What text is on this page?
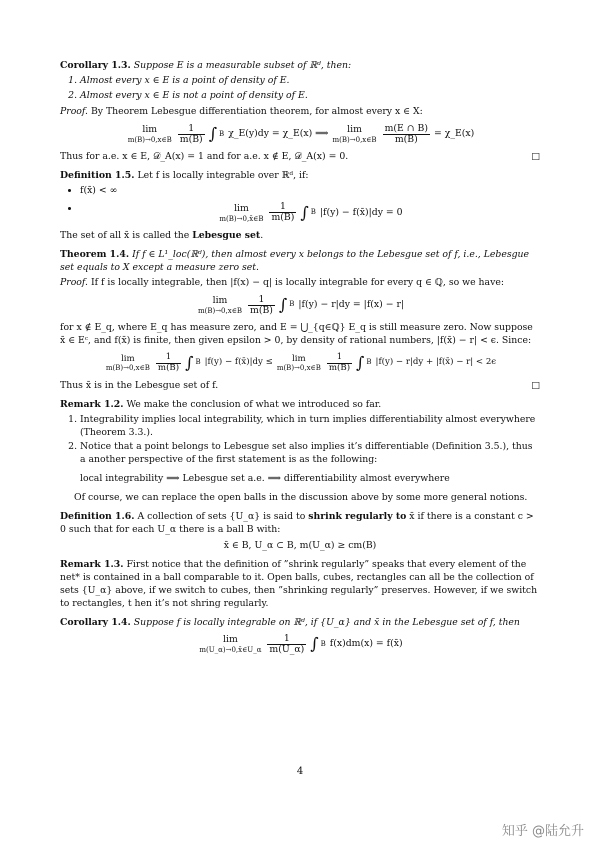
Corollary 1.3. Suppose E is a measurable subset of ℝᵈ, then:
1. Almost every x ∈ E is a point of density of E.
2. Almost every x ∈ E is not a point of density of E.
Proof. By Theorem Lebesgue differentiation theorem, for almost every x ∈ X:
lim
m(B)→0,x∈B $\frac{1}{m(B)}$ ∫ B χ_E(y)dy = χ_E(x) ⟹	lim
m(B)→0,x∈B $\frac{m(E \cap B)}{m(B)}$ = χ_E(x)
Thus for a.e. x ∈ E, 𝒟_A(x) = 1 and for a.e. x ∉ E, 𝒟_A(x) = 0.	□
Definition 1.5. Let f is locally integrable over ℝᵈ, if:
• f(x̄) < ∞
• lim
m(B)→0,x̄∈B $\frac{1}{m(B)}$ ∫ B |f(y) − f(x̄)|dy = 0
The set of all x̄ is called the Lebesgue set.
Theorem 1.4. If f ∈ L¹_loc(ℝᵈ), then almost every x belongs to the Lebesgue set of f, i.e., Lebesgue set equals to X except a measure zero set.
Proof. If f is locally integrable, then |f(x) − q| is locally integrable for every q ∈ ℚ, so we have:
lim
m(B)→0,x∈B $\frac{1}{m(B)}$ ∫ B |f(y) − r|dy = |f(x) − r|
for x ∉ E_q, where E_q has measure zero, and E = ⋃_{q∈ℚ} E_q is still measure zero. Now suppose x̄ ∈ Eᶜ, and f(x̄) is finite, then given epsilon > 0, by density of rational numbers, |f(x̄) − r| < ϵ. Since:
lim
m(B)→0,x∈B $\frac{1}{m(B)}$ ∫ B |f(y) − f(x̄)|dy ≤	lim
m(B)→0,x∈B $\frac{1}{m(B)}$ ∫ B |f(y) − r|dy + |f(x̄) − r| < 2ϵ
Thus x̄ is in the Lebesgue set of f.	□
Remark 1.2. We make the conclusion of what we introduced so far.
1. Integrability implies local integrability, which in turn implies differentiability almost everywhere (Theorem 3.3.).
2. Notice that a point belongs to Lebesgue set also implies it’s differentiable (Definition 3.5.), thus a another perspective of the first statement is as the following:
local integrability ⟹ Lebesgue set a.e. ⟹ differentiability almost everywhere
Of course, we can replace the open balls in the discussion above by some more general notions.
Definition 1.6. A collection of sets {U_α} is said to shrink regularly to x̄ if there is a constant c > 0 such that for each U_α there is a ball B with:
x̄ ∈ B, U_α ⊂ B, m(U_α) ≥ cm(B)
Remark 1.3. First notice that the definition of ”shrink regularly” speaks that every element of the net* is contained in a ball comparable to it. Open balls, cubes, rectangles can all be the collection of sets {U_α} above, if we switch to cubes, then ”shrinking regularly” preserves. However, if we switch to rectangles, t hen it’s not shring regularly.
Corollary 1.4. Suppose f is locally integrable on ℝᵈ, if {U_α} and x̄ in the Lebesgue set of f, then
lim
m(U_α)→0,x̄∈U_α $\frac{1}{m(U\_\alpha)}$ ∫ B f(x)dm(x) = f(x̄)
4
知乎 @陆允升
